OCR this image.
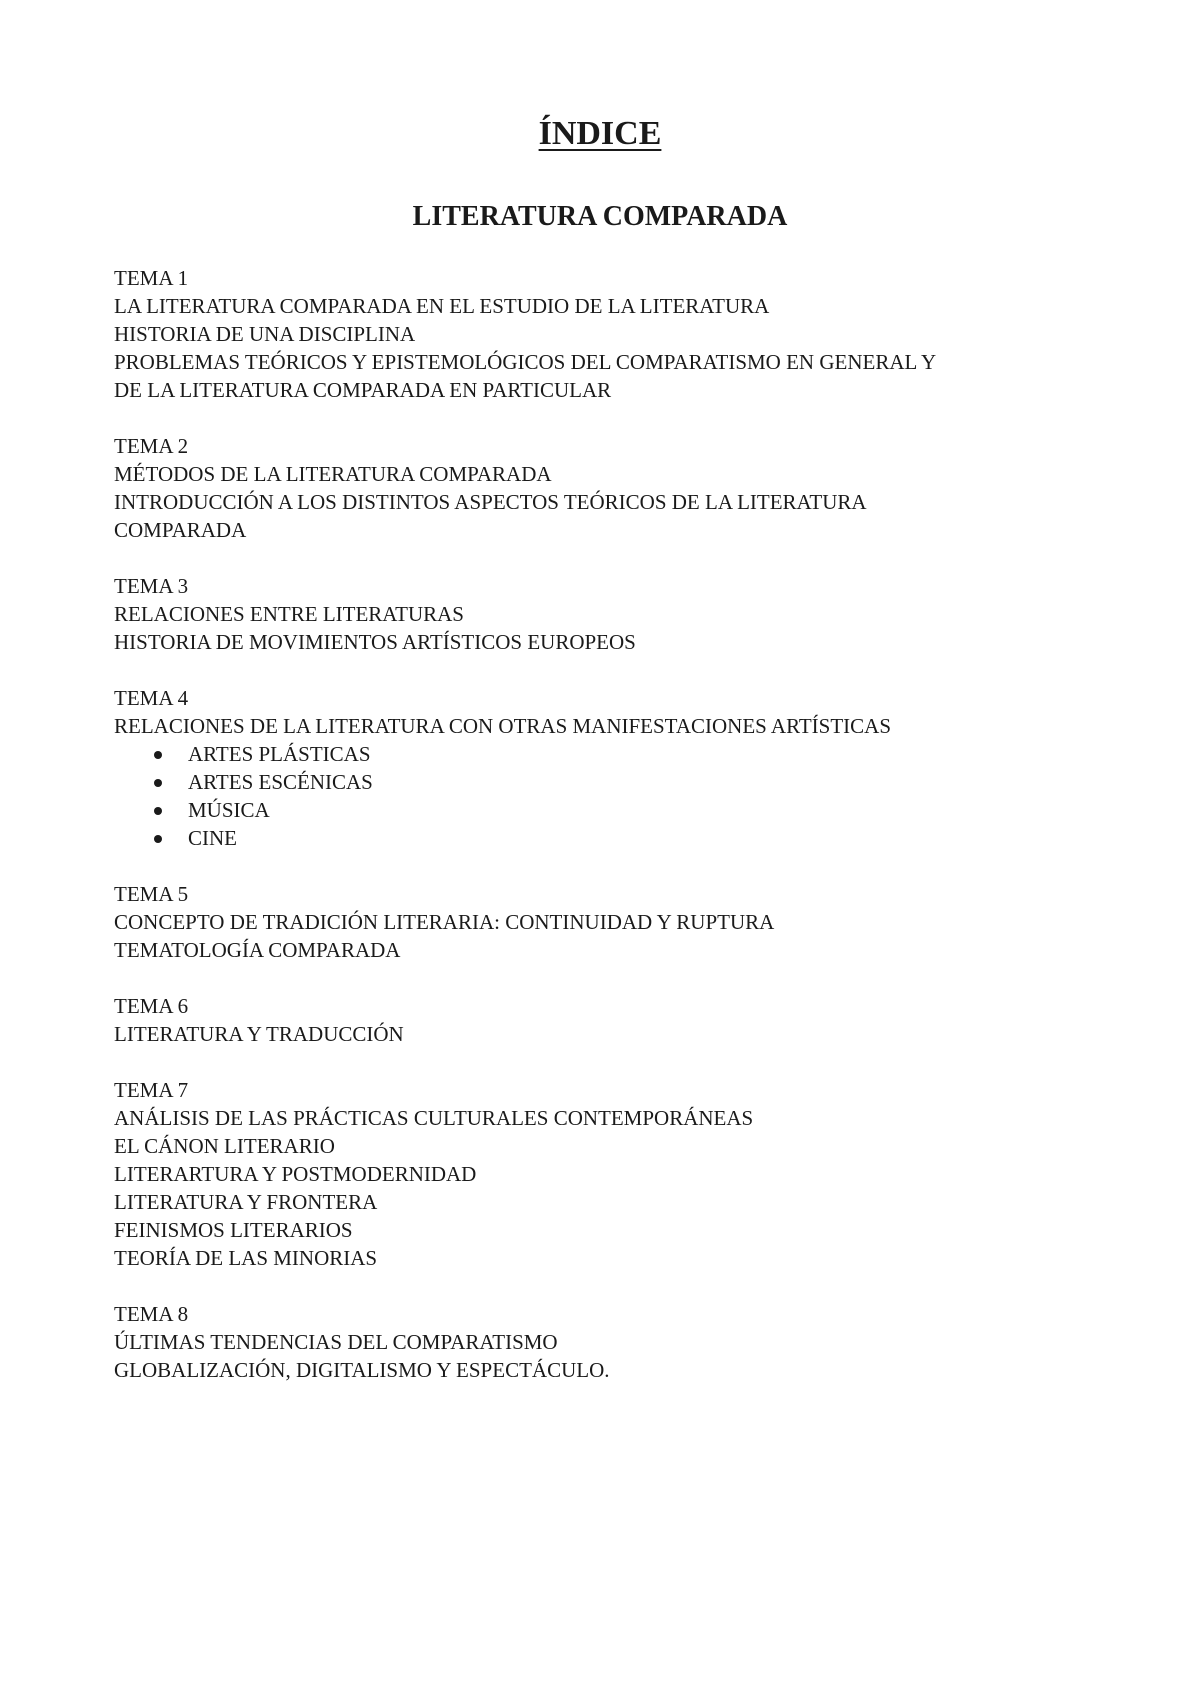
ÍNDICE
LITERATURA COMPARADA
TEMA 1
LA LITERATURA COMPARADA EN EL ESTUDIO DE LA LITERATURA
HISTORIA DE UNA DISCIPLINA
PROBLEMAS TEÓRICOS Y EPISTEMOLÓGICOS DEL COMPARATISMO EN GENERAL Y
DE LA LITERATURA COMPARADA EN PARTICULAR
TEMA 2
MÉTODOS DE LA LITERATURA COMPARADA
INTRODUCCIÓN A LOS DISTINTOS ASPECTOS TEÓRICOS DE LA LITERATURA
COMPARADA
TEMA 3
RELACIONES ENTRE LITERATURAS
HISTORIA DE MOVIMIENTOS ARTÍSTICOS EUROPEOS
TEMA 4
RELACIONES DE LA LITERATURA CON OTRAS MANIFESTACIONES ARTÍSTICAS
ARTES PLÁSTICAS
ARTES ESCÉNICAS
MÚSICA
CINE
TEMA 5
CONCEPTO DE TRADICIÓN LITERARIA: CONTINUIDAD Y RUPTURA
TEMATOLOGÍA COMPARADA
TEMA 6
LITERATURA Y TRADUCCIÓN
TEMA 7
ANÁLISIS DE LAS PRÁCTICAS CULTURALES CONTEMPORÁNEAS
EL CÁNON LITERARIO
LITERARTURA Y POSTMODERNIDAD
LITERATURA Y FRONTERA
FEINISMOS LITERARIOS
TEORÍA DE LAS MINORIAS
TEMA 8
ÚLTIMAS TENDENCIAS DEL COMPARATISMO
GLOBALIZACIÓN, DIGITALISMO Y ESPECTÁCULO.
